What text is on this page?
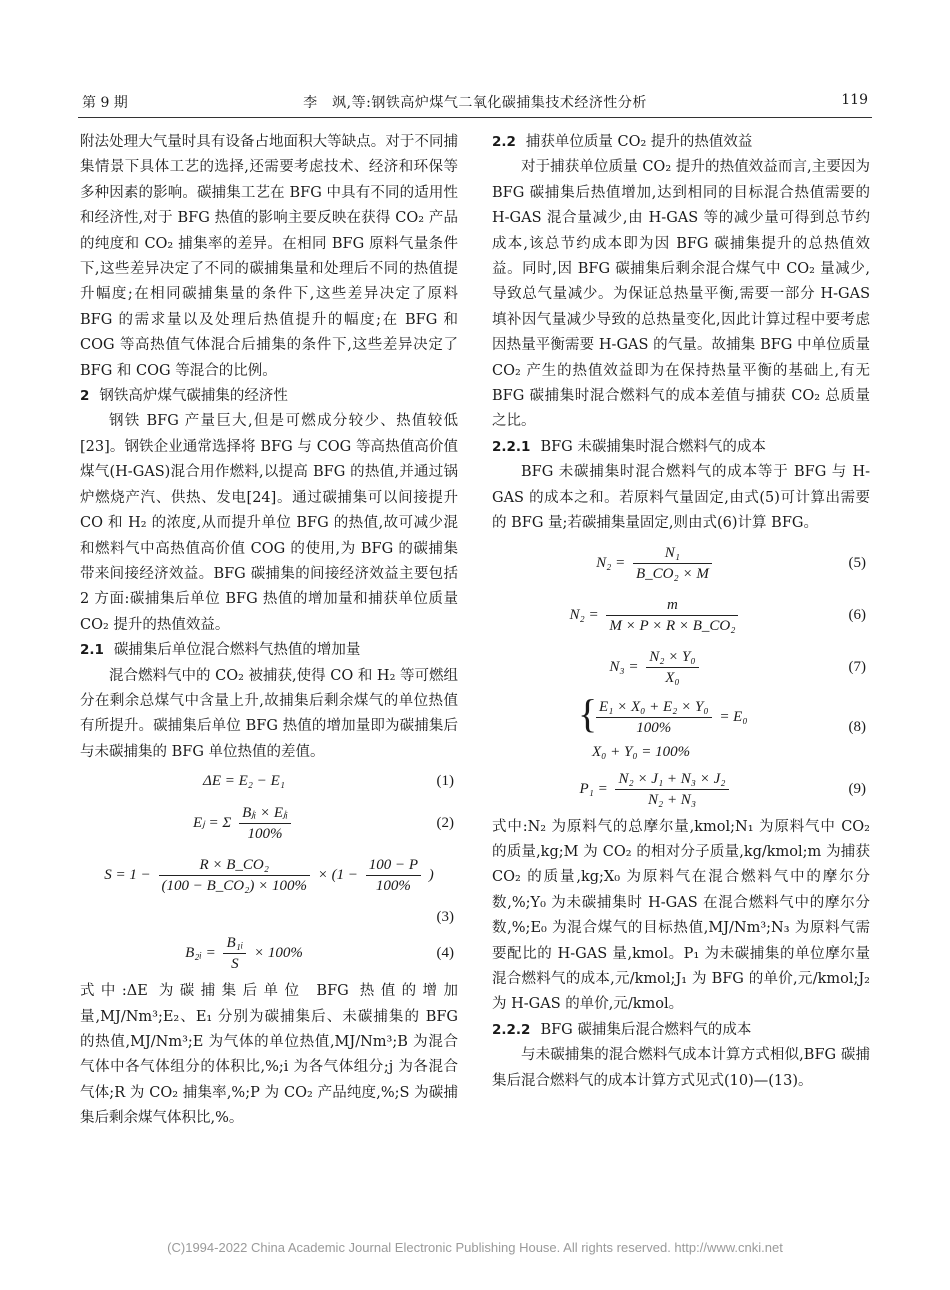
第 9 期	李　飒,等:钢铁高炉煤气二氧化碳捕集技术经济性分析	119

附法处理大气量时具有设备占地面积大等缺点。对于不同捕集情景下具体工艺的选择,还需要考虑技术、经济和环保等多种因素的影响。碳捕集工艺在 BFG 中具有不同的适用性和经济性,对于 BFG 热值的影响主要反映在获得 CO₂ 产品的纯度和 CO₂ 捕集率的差异。在相同 BFG 原料气量条件下,这些差异决定了不同的碳捕集量和处理后不同的热值提升幅度;在相同碳捕集量的条件下,这些差异决定了原料 BFG 的需求量以及处理后热值提升的幅度;在 BFG 和 COG 等高热值气体混合后捕集的条件下,这些差异决定了 BFG 和 COG 等混合的比例。

2 钢铁高炉煤气碳捕集的经济性

钢铁 BFG 产量巨大,但是可燃成分较少、热值较低[23]。钢铁企业通常选择将 BFG 与 COG 等高热值高价值煤气(H-GAS)混合用作燃料,以提高 BFG 的热值,并通过锅炉燃烧产汽、供热、发电[24]。通过碳捕集可以间接提升 CO 和 H₂ 的浓度,从而提升单位 BFG 的热值,故可减少混和燃料气中高热值高价值 COG 的使用,为 BFG 的碳捕集带来间接经济效益。BFG 碳捕集的间接经济效益主要包括 2 方面:碳捕集后单位 BFG 热值的增加量和捕获单位质量 CO₂ 提升的热值效益。

2.1 碳捕集后单位混合燃料气热值的增加量

混合燃料气中的 CO₂ 被捕获,使得 CO 和 H₂ 等可燃组分在剩余总煤气中含量上升,故捕集后剩余煤气的单位热值有所提升。碳捕集后单位 BFG 热值的增加量即为碳捕集后与未碳捕集的 BFG 单位热值的差值。

ΔE = E₂ − E₁	(1)
Eⱼ = Σ $\frac{\text{Bⱼᵢ × Eⱼᵢ}}{100\%}$	(2)
$S = 1 - \frac{\text{R × B\_CO₂}}{\text{(100 − B\_CO₂) × 100\%}} \times (1 - \frac{100 - P}{100\%}$ )
(3)
B₂ᵢ = $\frac{\text{B₁ᵢ}}{S} \times 100\%$	(4)

式中:ΔE 为碳捕集后单位 BFG 热值的增加量,MJ/Nm³;E₂、E₁ 分别为碳捕集后、未碳捕集的 BFG 的热值,MJ/Nm³;E 为气体的单位热值,MJ/Nm³;B 为混合气体中各气体组分的体积比,%;i 为各气体组分;j 为各混合气体;R 为 CO₂ 捕集率,%;P 为 CO₂ 产品纯度,%;S 为碳捕集后剩余煤气体积比,%。

2.2 捕获单位质量 CO₂ 提升的热值效益

对于捕获单位质量 CO₂ 提升的热值效益而言,主要因为 BFG 碳捕集后热值增加,达到相同的目标混合热值需要的 H-GAS 混合量减少,由 H-GAS 等的减少量可得到总节约成本,该总节约成本即为因 BFG 碳捕集提升的总热值效益。同时,因 BFG 碳捕集后剩余混合煤气中 CO₂ 量减少,导致总气量减少。为保证总热量平衡,需要一部分 H-GAS 填补因气量减少导致的总热量变化,因此计算过程中要考虑因热量平衡需要 H-GAS 的气量。故捕集 BFG 中单位质量 CO₂ 产生的热值效益即为在保持热量平衡的基础上,有无 BFG 碳捕集时混合燃料气的成本差值与捕获 CO₂ 总质量之比。

2.2.1 BFG 未碳捕集时混合燃料气的成本

BFG 未碳捕集时混合燃料气的成本等于 BFG 与 H-GAS 的成本之和。若原料气量固定,由式(5)可计算出需要的 BFG 量;若碳捕集量固定,则由式(6)计算 BFG。

$N_2 = \frac{\text{N₁}}{\text{B\_CO₂ × M}}$	(5)
$N_2 = \frac{m}{\text{M × P × R × B\_CO₂}}$	(6)
$N_3 = \frac{\text{N₂ × Y₀}}{\text{X₀}}$	(7)
{
$\frac{\text{E₁ × X₀ + E₂ × Y₀}}{100\%} = E_0$
X₀ + Y₀ = 100%
(8)
$P_1 = \frac{\text{N₂ × J₁ + N₃ × J₂}}{\text{N₂ + N₃}}$	(9)

式中:N₂ 为原料气的总摩尔量,kmol;N₁ 为原料气中 CO₂ 的质量,kg;M 为 CO₂ 的相对分子质量,kg/kmol;m 为捕获 CO₂ 的质量,kg;X₀ 为原料气在混合燃料气中的摩尔分数,%;Y₀ 为未碳捕集时 H-GAS 在混合燃料气中的摩尔分数,%;E₀ 为混合煤气的目标热值,MJ/Nm³;N₃ 为原料气需要配比的 H-GAS 量,kmol。P₁ 为未碳捕集的单位摩尔量混合燃料气的成本,元/kmol;J₁ 为 BFG 的单价,元/kmol;J₂ 为 H-GAS 的单价,元/kmol。

2.2.2 BFG 碳捕集后混合燃料气的成本

与未碳捕集的混合燃料气成本计算方式相似,BFG 碳捕集后混合燃料气的成本计算方式见式(10)—(13)。

(C)1994-2022 China Academic Journal Electronic Publishing House. All rights reserved. http://www.cnki.net
